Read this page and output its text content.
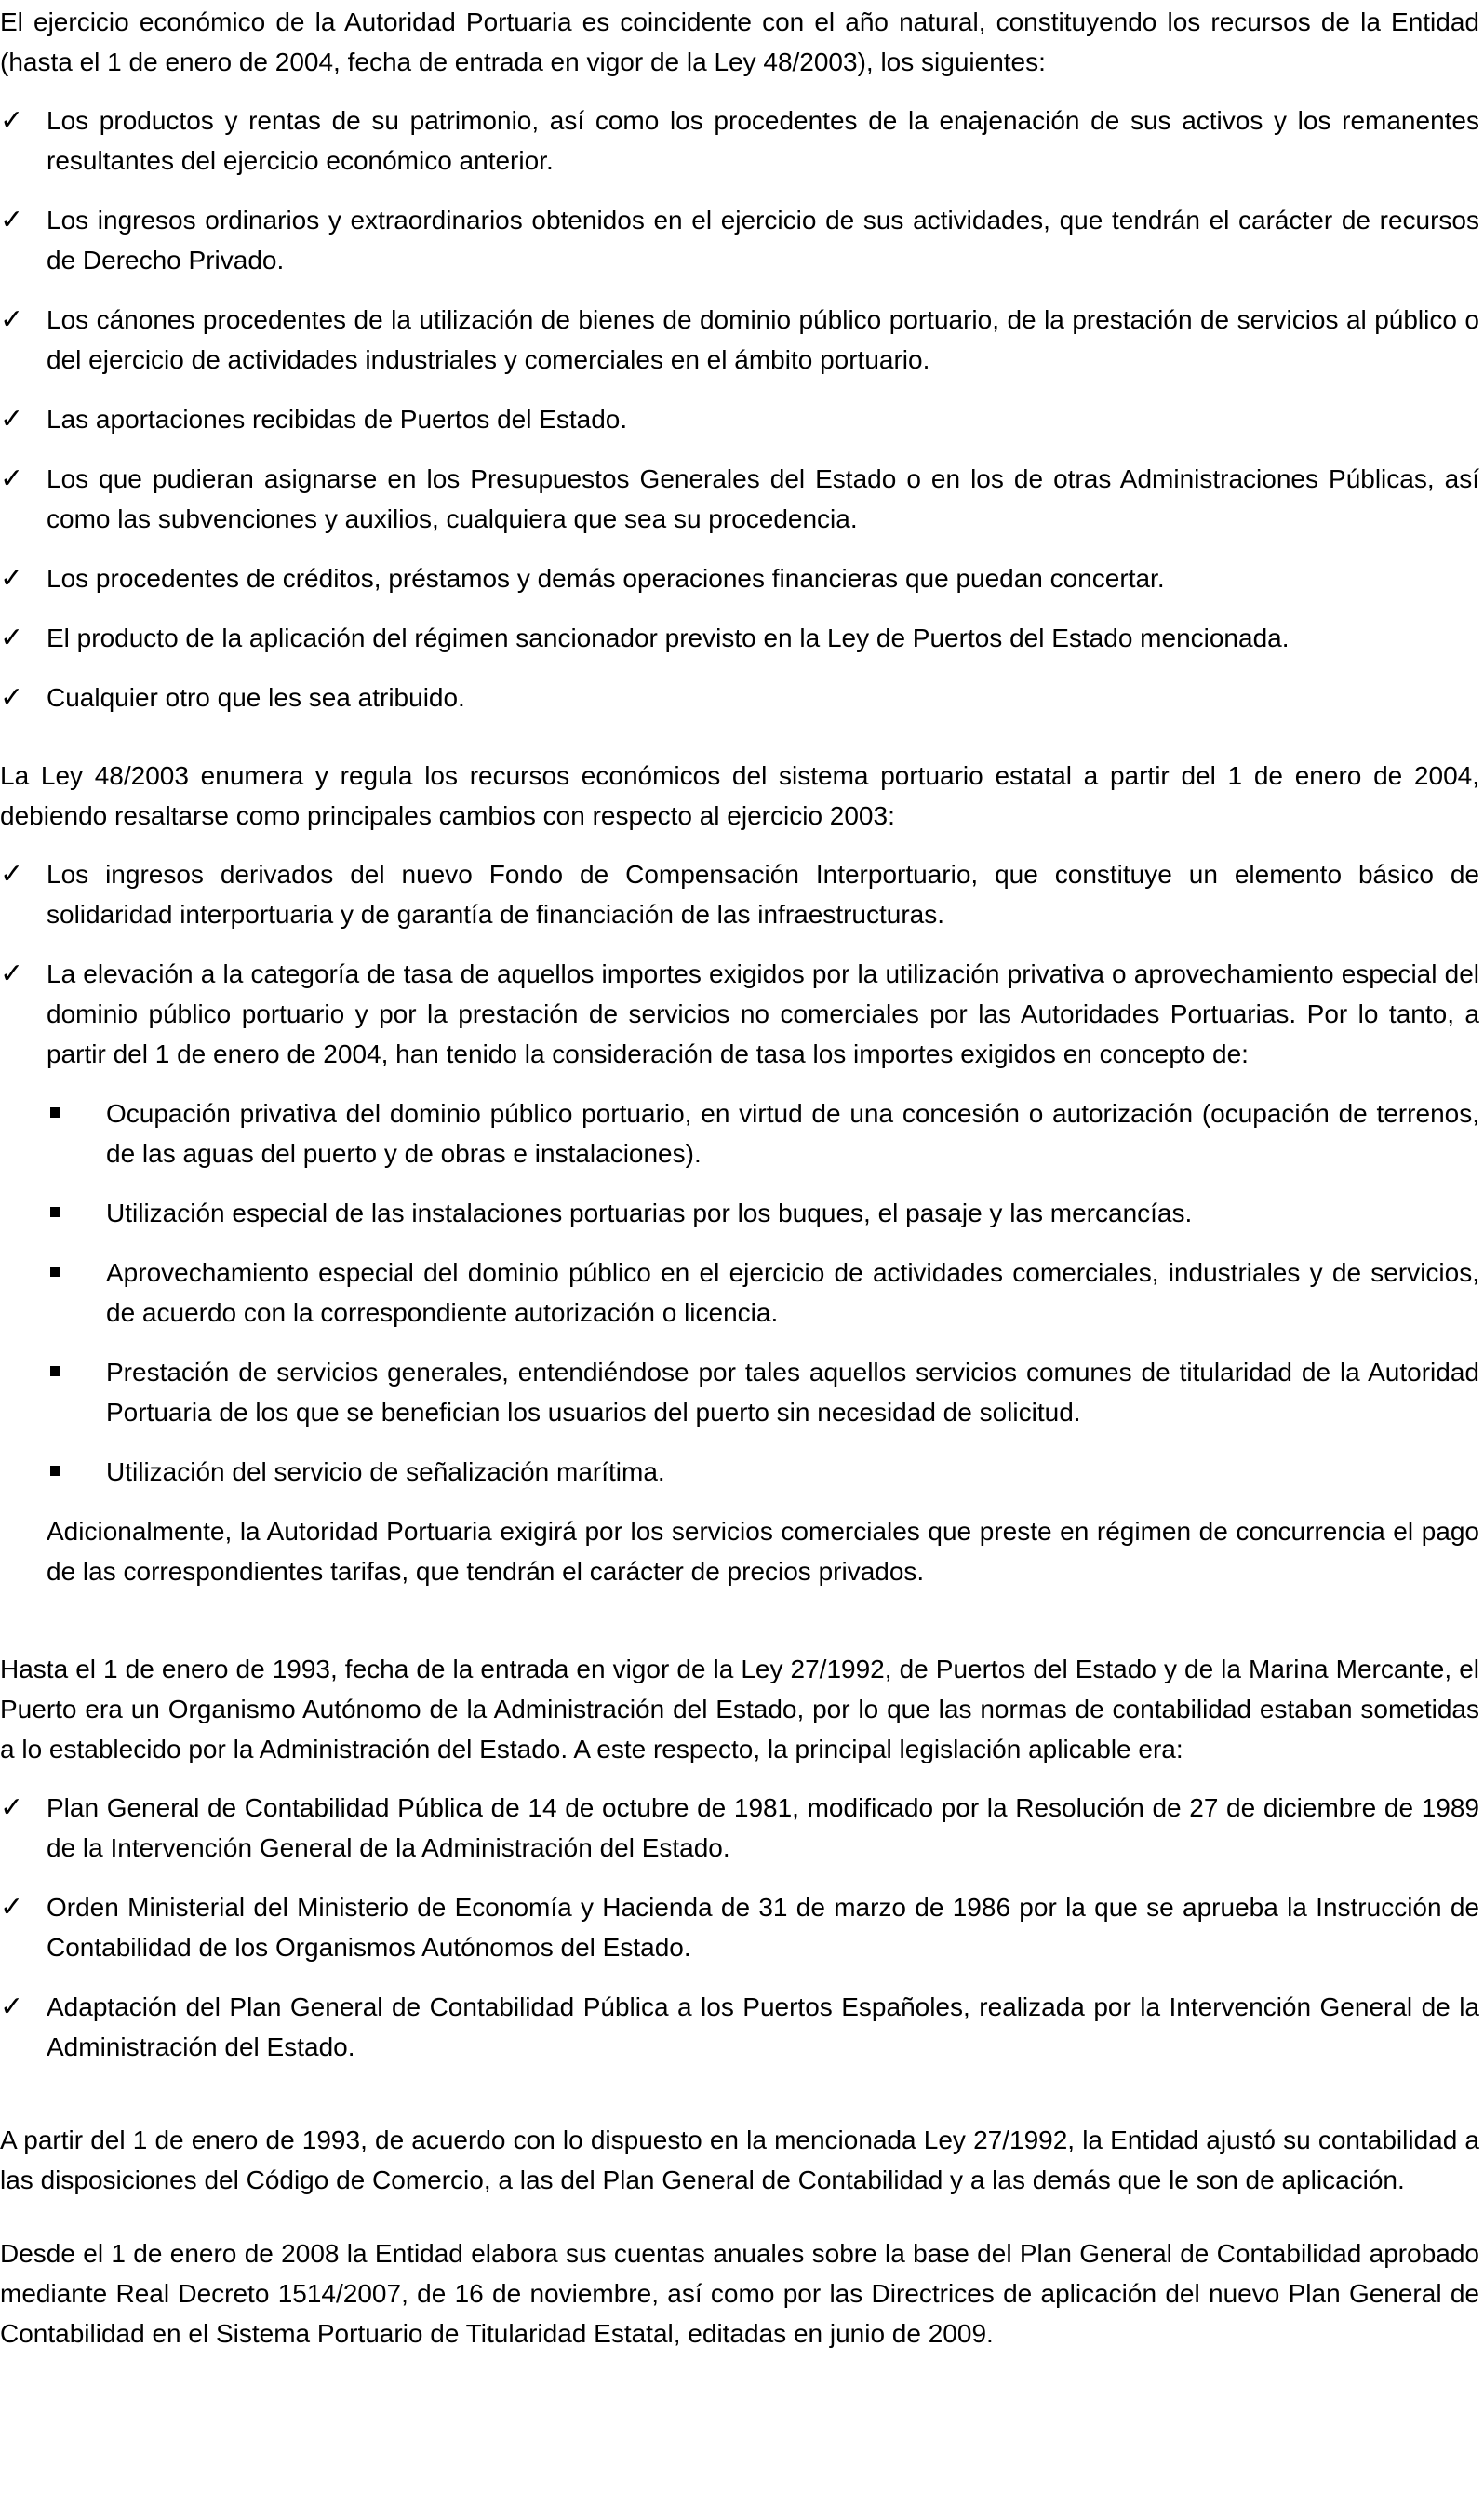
El ejercicio económico de la Autoridad Portuaria es coincidente con el año natural, constituyendo los recursos de la Entidad (hasta el 1 de enero de 2004, fecha de entrada en vigor de la Ley 48/2003), los siguientes:

✓ Los productos y rentas de su patrimonio, así como los procedentes de la enajenación de sus activos y los remanentes resultantes del ejercicio económico anterior.
✓ Los ingresos ordinarios y extraordinarios obtenidos en el ejercicio de sus actividades, que tendrán el carácter de recursos de Derecho Privado.
✓ Los cánones procedentes de la utilización de bienes de dominio público portuario, de la prestación de servicios al público o del ejercicio de actividades industriales y comerciales en el ámbito portuario.
✓ Las aportaciones recibidas de Puertos del Estado.
✓ Los que pudieran asignarse en los Presupuestos Generales del Estado o en los de otras Administraciones Públicas, así como las subvenciones y auxilios, cualquiera que sea su procedencia.
✓ Los procedentes de créditos, préstamos y demás operaciones financieras que puedan concertar.
✓ El producto de la aplicación del régimen sancionador previsto en la Ley de Puertos del Estado mencionada.
✓ Cualquier otro que les sea atribuido.

La Ley 48/2003 enumera y regula los recursos económicos del sistema portuario estatal a partir del 1 de enero de 2004, debiendo resaltarse como principales cambios con respecto al ejercicio 2003:

✓ Los ingresos derivados del nuevo Fondo de Compensación Interportuario, que constituye un elemento básico de solidaridad interportuaria y de garantía de financiación de las infraestructuras.
✓ La elevación a la categoría de tasa de aquellos importes exigidos por la utilización privativa o aprovechamiento especial del dominio público portuario y por la prestación de servicios no comerciales por las Autoridades Portuarias. Por lo tanto, a partir del 1 de enero de 2004, han tenido la consideración de tasa los importes exigidos en concepto de:
Ocupación privativa del dominio público portuario, en virtud de una concesión o autorización (ocupación de terrenos, de las aguas del puerto y de obras e instalaciones).
Utilización especial de las instalaciones portuarias por los buques, el pasaje y las mercancías.
Aprovechamiento especial del dominio público en el ejercicio de actividades comerciales, industriales y de servicios, de acuerdo con la correspondiente autorización o licencia.
Prestación de servicios generales, entendiéndose por tales aquellos servicios comunes de titularidad de la Autoridad Portuaria de los que se benefician los usuarios del puerto sin necesidad de solicitud.
Utilización del servicio de señalización marítima.

Adicionalmente, la Autoridad Portuaria exigirá por los servicios comerciales que preste en régimen de concurrencia el pago de las correspondientes tarifas, que tendrán el carácter de precios privados.

Hasta el 1 de enero de 1993, fecha de la entrada en vigor de la Ley 27/1992, de Puertos del Estado y de la Marina Mercante, el Puerto era un Organismo Autónomo de la Administración del Estado, por lo que las normas de contabilidad estaban sometidas a lo establecido por la Administración del Estado. A este respecto, la principal legislación aplicable era:

✓ Plan General de Contabilidad Pública de 14 de octubre de 1981, modificado por la Resolución de 27 de diciembre de 1989 de la Intervención General de la Administración del Estado.
✓ Orden Ministerial del Ministerio de Economía y Hacienda de 31 de marzo de 1986 por la que se aprueba la Instrucción de Contabilidad de los Organismos Autónomos del Estado.
✓ Adaptación del Plan General de Contabilidad Pública a los Puertos Españoles, realizada por la Intervención General de la Administración del Estado.

A partir del 1 de enero de 1993, de acuerdo con lo dispuesto en la mencionada Ley 27/1992, la Entidad ajustó su contabilidad a las disposiciones del Código de Comercio, a las del Plan General de Contabilidad y a las demás que le son de aplicación.

Desde el 1 de enero de 2008 la Entidad elabora sus cuentas anuales sobre la base del Plan General de Contabilidad aprobado mediante Real Decreto 1514/2007, de 16 de noviembre, así como por las Directrices de aplicación del nuevo Plan General de Contabilidad en el Sistema Portuario de Titularidad Estatal, editadas en junio de 2009.
